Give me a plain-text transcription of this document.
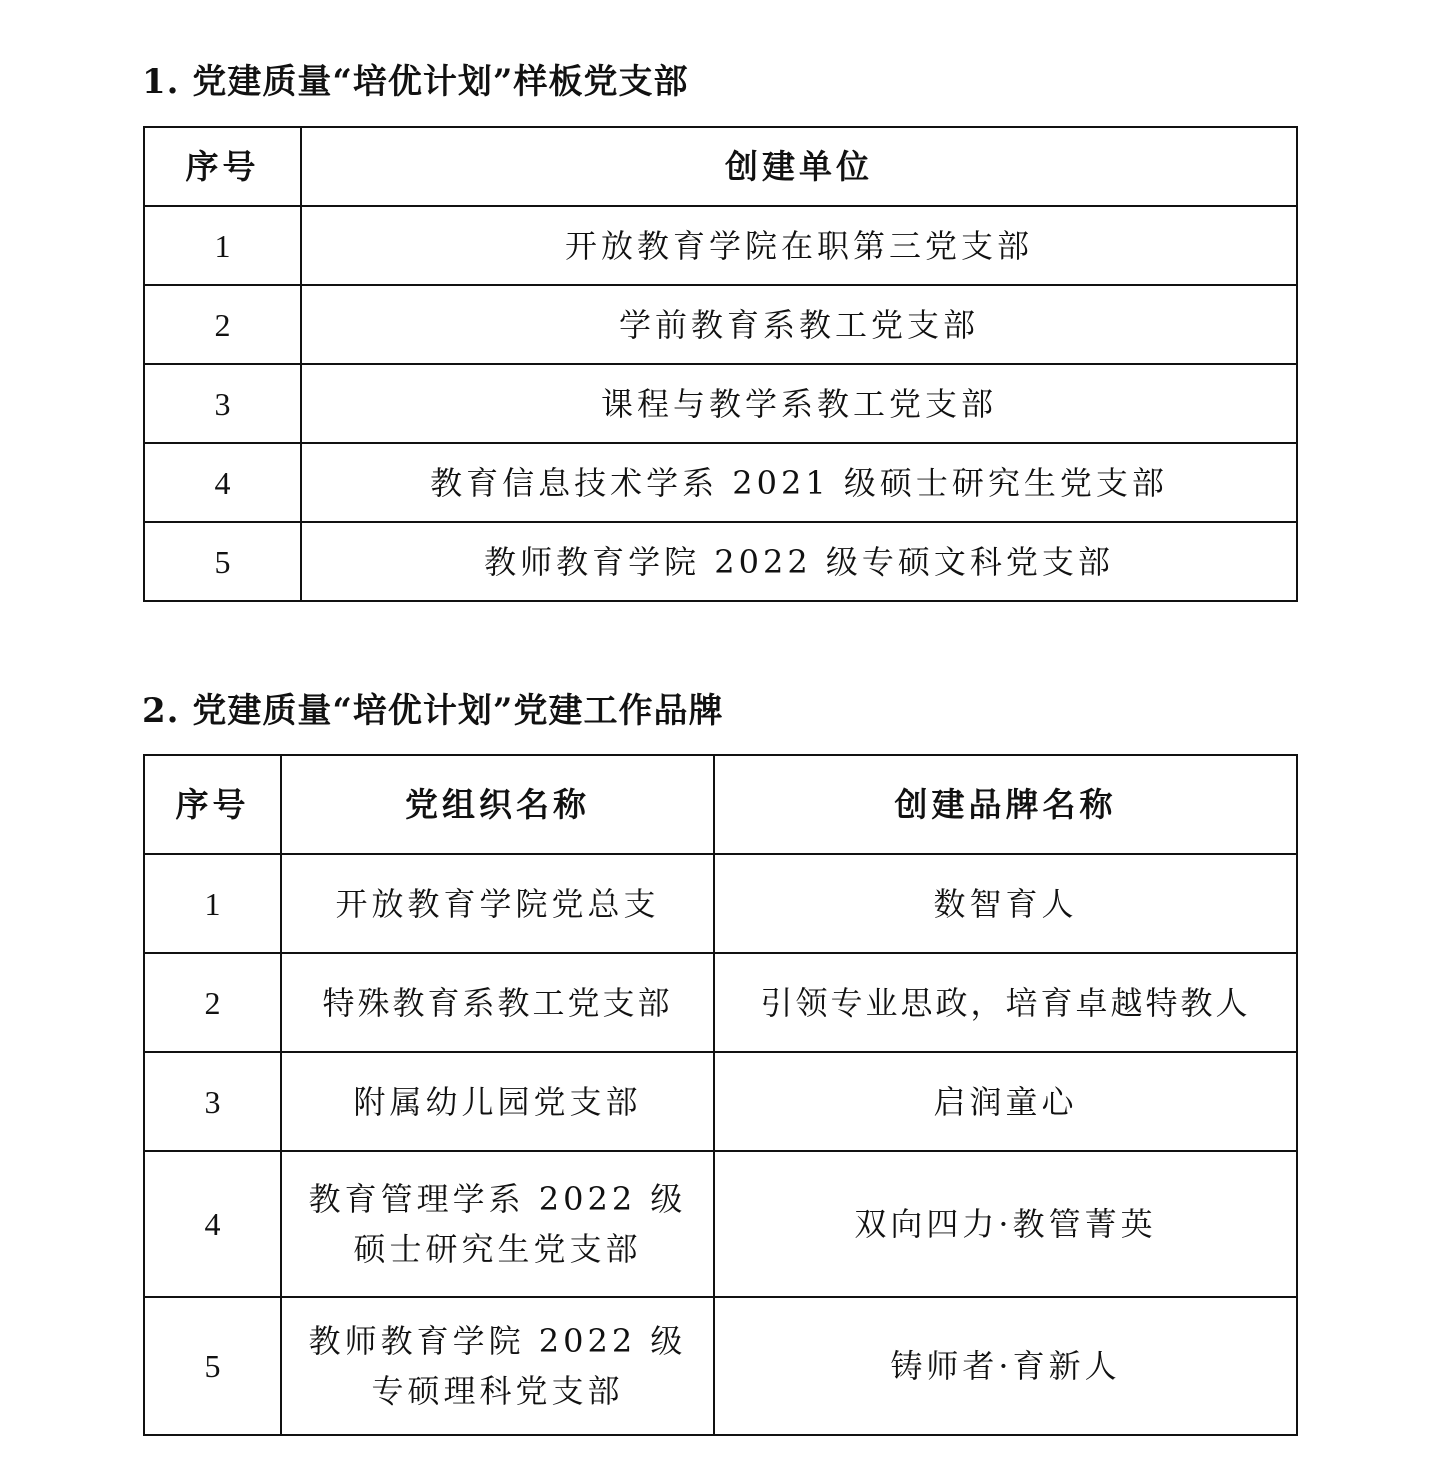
1. 党建质量“培优计划”样板党支部
序号	创建单位
1	开放教育学院在职第三党支部
2	学前教育系教工党支部
3	课程与教学系教工党支部
4	教育信息技术学系 2021 级硕士研究生党支部
5	教师教育学院 2022 级专硕文科党支部
2. 党建质量“培优计划”党建工作品牌
序号	党组织名称	创建品牌名称
1	开放教育学院党总支	数智育人
2	特殊教育系教工党支部	引领专业思政，培育卓越特教人
3	附属幼儿园党支部	启润童心
4	教育管理学系 2022 级
硕士研究生党支部	双向四力·教管菁英
5	教师教育学院 2022 级
专硕理科党支部	铸师者·育新人
